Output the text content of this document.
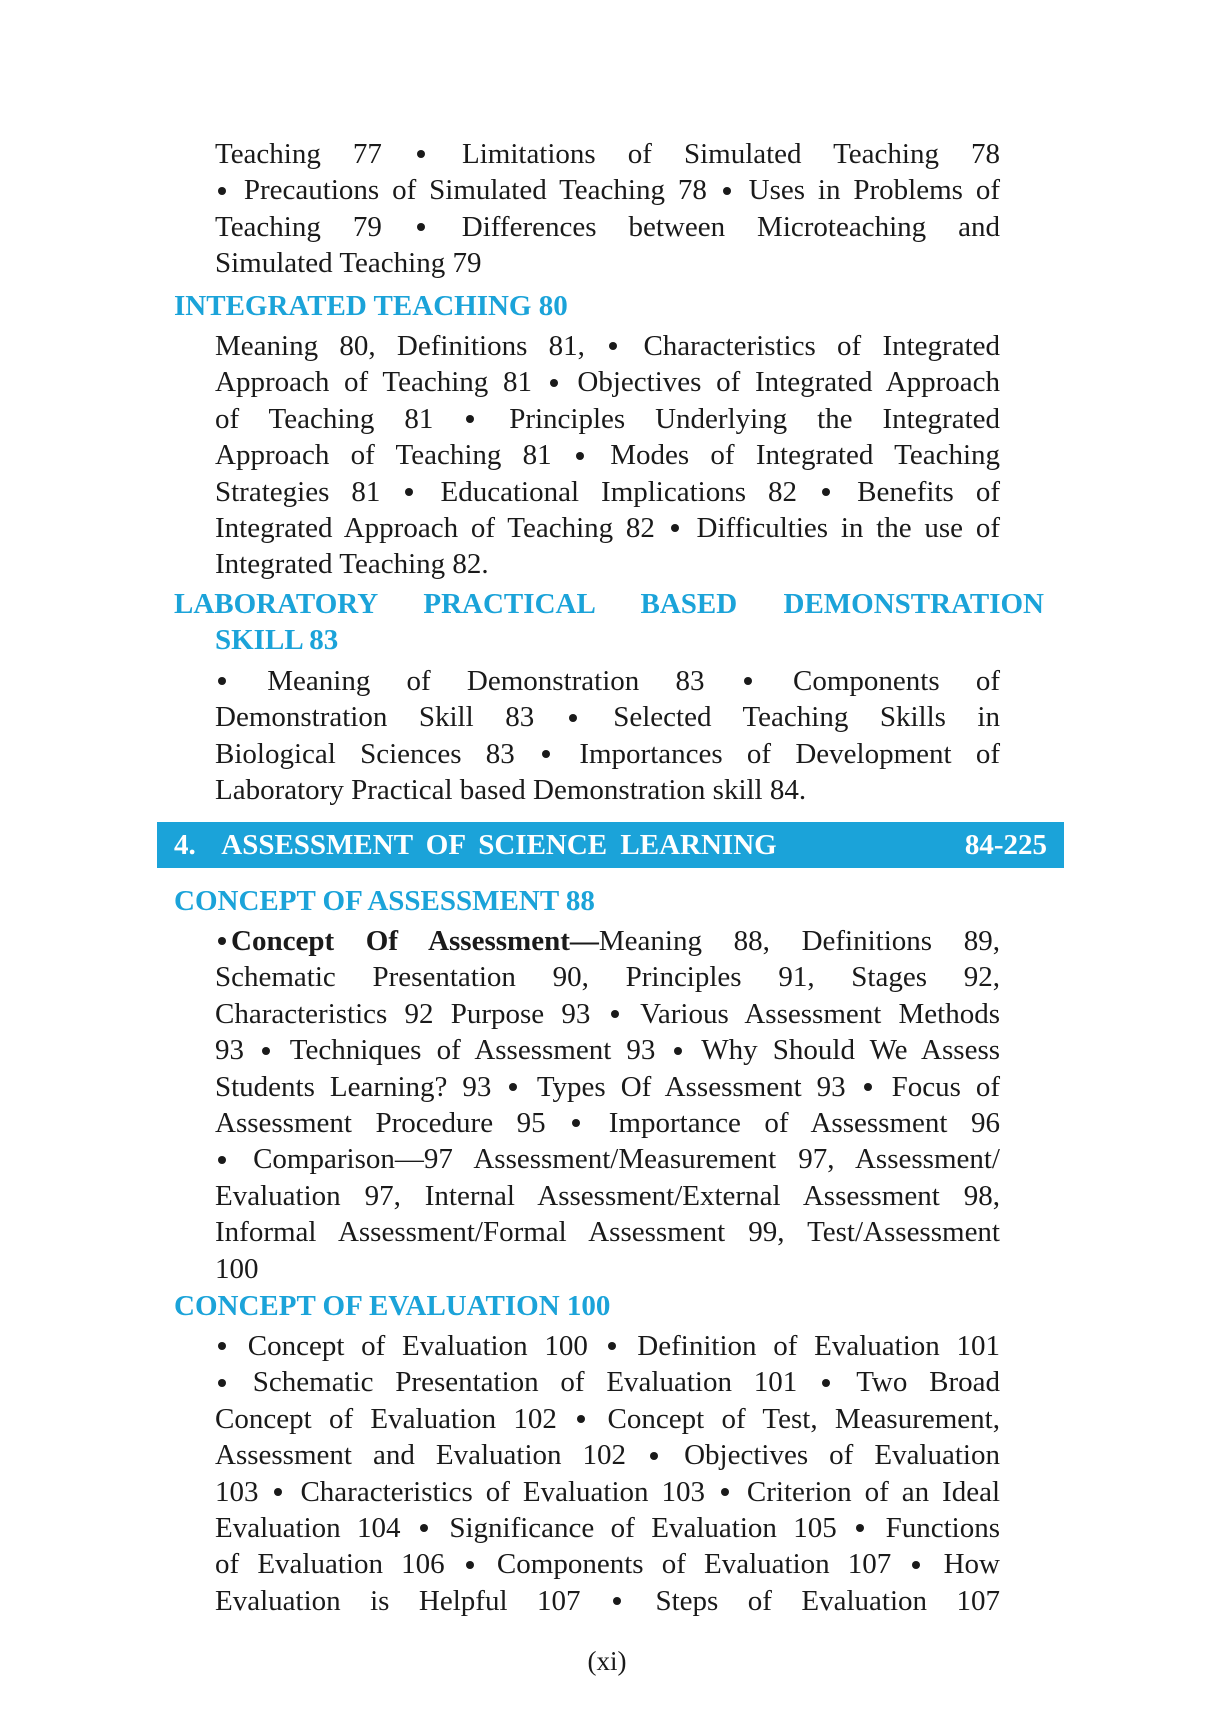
Teaching 77  Limitations of Simulated Teaching 78
Precautions of Simulated Teaching 78  Uses in Problems of
Teaching 79  Differences between Microteaching and
Simulated Teaching 79
INTEGRATED TEACHING 80
Meaning 80, Definitions 81,  Characteristics of Integrated
Approach of Teaching 81  Objectives of Integrated Approach
of Teaching 81  Principles Underlying the Integrated
Approach of Teaching 81  Modes of Integrated Teaching
Strategies 81  Educational Implications 82  Benefits of
Integrated Approach of Teaching 82  Difficulties in the use of
Integrated Teaching 82.
LABORATORY PRACTICAL BASED DEMONSTRATION
SKILL 83
Meaning of Demonstration 83  Components of
Demonstration Skill 83  Selected Teaching Skills in
Biological Sciences 83  Importances of Development of
Laboratory Practical based Demonstration skill 84.
4. ASSESSMENT OF SCIENCE LEARNING	84-225
CONCEPT OF ASSESSMENT 88
Concept Of Assessment—Meaning 88, Definitions 89,
Schematic Presentation 90, Principles 91, Stages 92,
Characteristics 92 Purpose 93  Various Assessment Methods
93  Techniques of Assessment 93  Why Should We Assess
Students Learning? 93  Types Of Assessment 93  Focus of
Assessment Procedure 95  Importance of Assessment 96
Comparison—97 Assessment/Measurement 97, Assessment/
Evaluation 97, Internal Assessment/External Assessment 98,
Informal Assessment/Formal Assessment 99, Test/Assessment
100
CONCEPT OF EVALUATION 100
Concept of Evaluation 100  Definition of Evaluation 101
Schematic Presentation of Evaluation 101  Two Broad
Concept of Evaluation 102  Concept of Test, Measurement,
Assessment and Evaluation 102  Objectives of Evaluation
103  Characteristics of Evaluation 103  Criterion of an Ideal
Evaluation 104  Significance of Evaluation 105  Functions
of Evaluation 106  Components of Evaluation 107  How
Evaluation is Helpful 107  Steps of Evaluation 107
(xi)
